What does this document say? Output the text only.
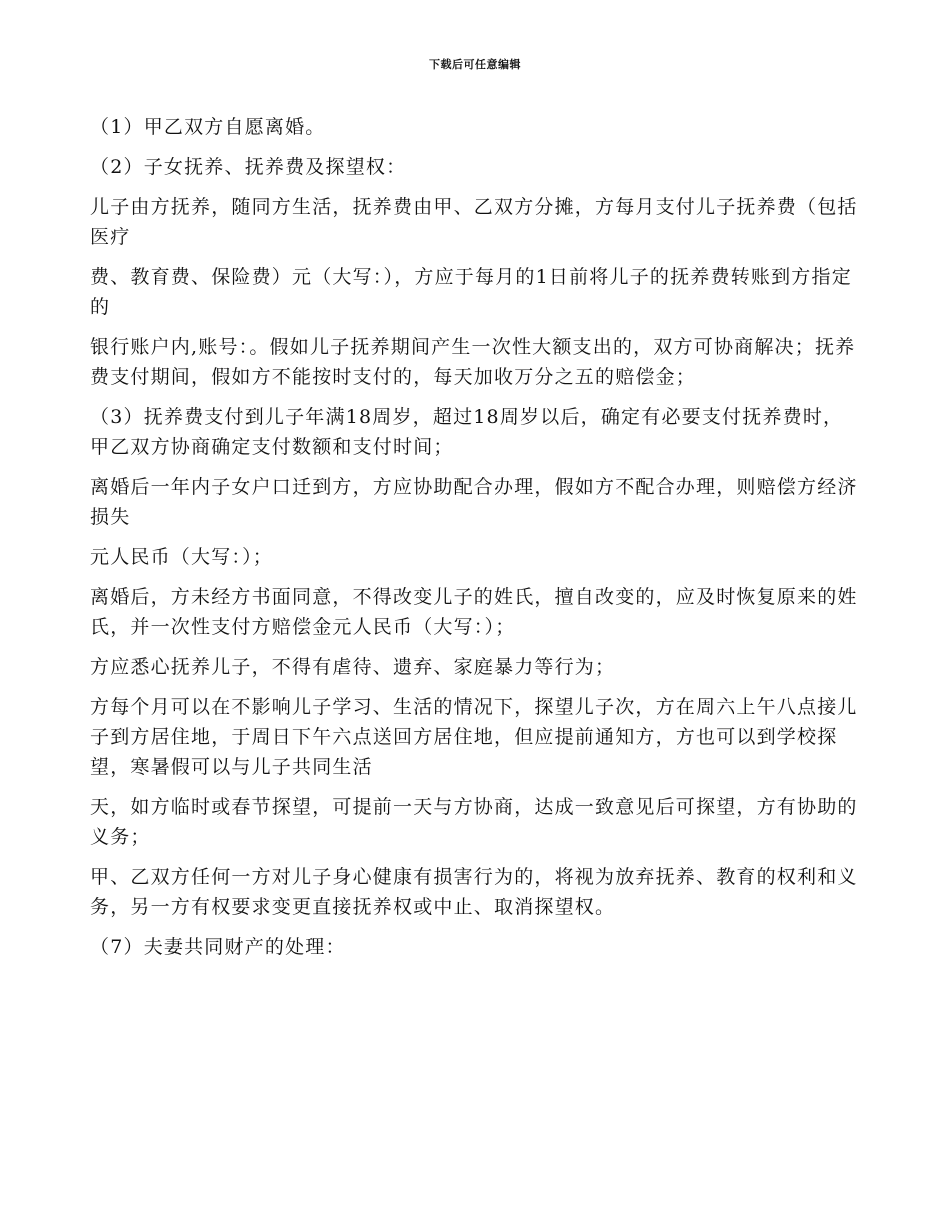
下载后可任意编辑

（1）甲乙双方自愿离婚。

（2）子女抚养、抚养费及探望权：

儿子由方抚养，随同方生活，抚养费由甲、乙双方分摊，方每月支付儿子抚养费（包括医疗

费、教育费、保险费）元（大写：），方应于每月的1日前将儿子的抚养费转账到方指定的

银行账户内,账号：。假如儿子抚养期间产生一次性大额支出的，双方可协商解决；抚养费支付期间，假如方不能按时支付的，每天加收万分之五的赔偿金；

（3）抚养费支付到儿子年满18周岁，超过18周岁以后，确定有必要支付抚养费时，甲乙双方协商确定支付数额和支付时间；

离婚后一年内子女户口迁到方，方应协助配合办理，假如方不配合办理，则赔偿方经济损失

元人民币（大写：）；

离婚后，方未经方书面同意，不得改变儿子的姓氏，擅自改变的，应及时恢复原来的姓氏，并一次性支付方赔偿金元人民币（大写：）；

方应悉心抚养儿子，不得有虐待、遗弃、家庭暴力等行为；

方每个月可以在不影响儿子学习、生活的情况下，探望儿子次，方在周六上午八点接儿子到方居住地，于周日下午六点送回方居住地，但应提前通知方，方也可以到学校探望，寒暑假可以与儿子共同生活

天，如方临时或春节探望，可提前一天与方协商，达成一致意见后可探望，方有协助的义务；

甲、乙双方任何一方对儿子身心健康有损害行为的，将视为放弃抚养、教育的权利和义务，另一方有权要求变更直接抚养权或中止、取消探望权。

（7）夫妻共同财产的处理：
